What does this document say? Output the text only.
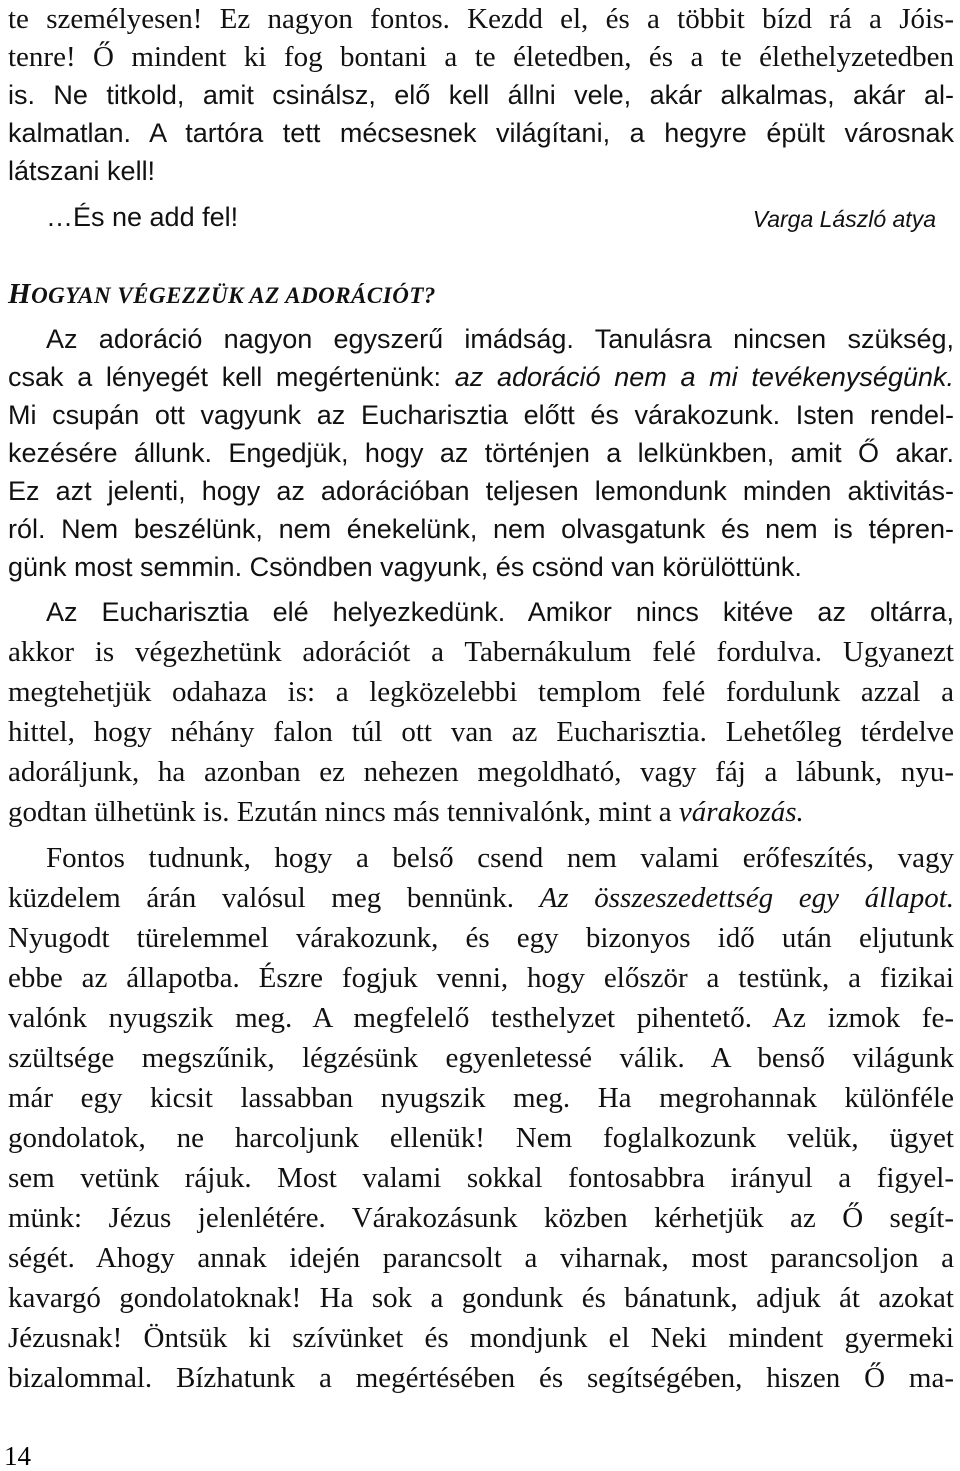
te személyesen! Ez nagyon fontos. Kezdd el, és a többit bízd rá a Jóis-
tenre! Ő mindent ki fog bontani a te életedben, és a te élethelyzetedben
is. Ne titkold, amit csinálsz, elő kell állni vele, akár alkalmas, akár al-
kalmatlan. A tartóra tett mécsesnek világítani, a hegyre épült városnak
látszani kell!
…És ne add fel!	Varga László atya
HOGYAN VÉGEZZÜK AZ ADORÁCIÓT?
Az adoráció nagyon egyszerű imádság. Tanulásra nincsen szükség,
csak a lényegét kell megértenünk: az adoráció nem a mi tevékenységünk.
Mi csupán ott vagyunk az Eucharisztia előtt és várakozunk. Isten rendel-
kezésére állunk. Engedjük, hogy az történjen a lelkünkben, amit Ő akar.
Ez azt jelenti, hogy az adorációban teljesen lemondunk minden aktivitás-
ról. Nem beszélünk, nem énekelünk, nem olvasgatunk és nem is tépren-
günk most semmin. Csöndben vagyunk, és csönd van körülöttünk.
Az Eucharisztia elé helyezkedünk. Amikor nincs kitéve az oltárra,
akkor is végezhetünk adorációt a Tabernákulum felé fordulva. Ugyanezt
megtehetjük odahaza is: a legközelebbi templom felé fordulunk azzal a
hittel, hogy néhány falon túl ott van az Eucharisztia. Lehetőleg térdelve
adoráljunk, ha azonban ez nehezen megoldható, vagy fáj a lábunk, nyu-
godtan ülhetünk is. Ezután nincs más tennivalónk, mint a várakozás.
Fontos tudnunk, hogy a belső csend nem valami erőfeszítés, vagy
küzdelem árán valósul meg bennünk. Az összeszedettség egy állapot.
Nyugodt türelemmel várakozunk, és egy bizonyos idő után eljutunk
ebbe az állapotba. Észre fogjuk venni, hogy először a testünk, a fizikai
valónk nyugszik meg. A megfelelő testhelyzet pihentető. Az izmok fe-
szültsége megszűnik, légzésünk egyenletessé válik. A benső világunk
már egy kicsit lassabban nyugszik meg. Ha megrohannak különféle
gondolatok, ne harcoljunk ellenük! Nem foglalkozunk velük, ügyet
sem vetünk rájuk. Most valami sokkal fontosabbra irányul a figyel-
münk: Jézus jelenlétére. Várakozásunk közben kérhetjük az Ő segít-
ségét. Ahogy annak idején parancsolt a viharnak, most parancsoljon a
kavargó gondolatoknak! Ha sok a gondunk és bánatunk, adjuk át azokat
Jézusnak! Öntsük ki szívünket és mondjunk el Neki mindent gyermeki
bizalommal. Bízhatunk a megértésében és segítségében, hiszen Ő ma-
14
